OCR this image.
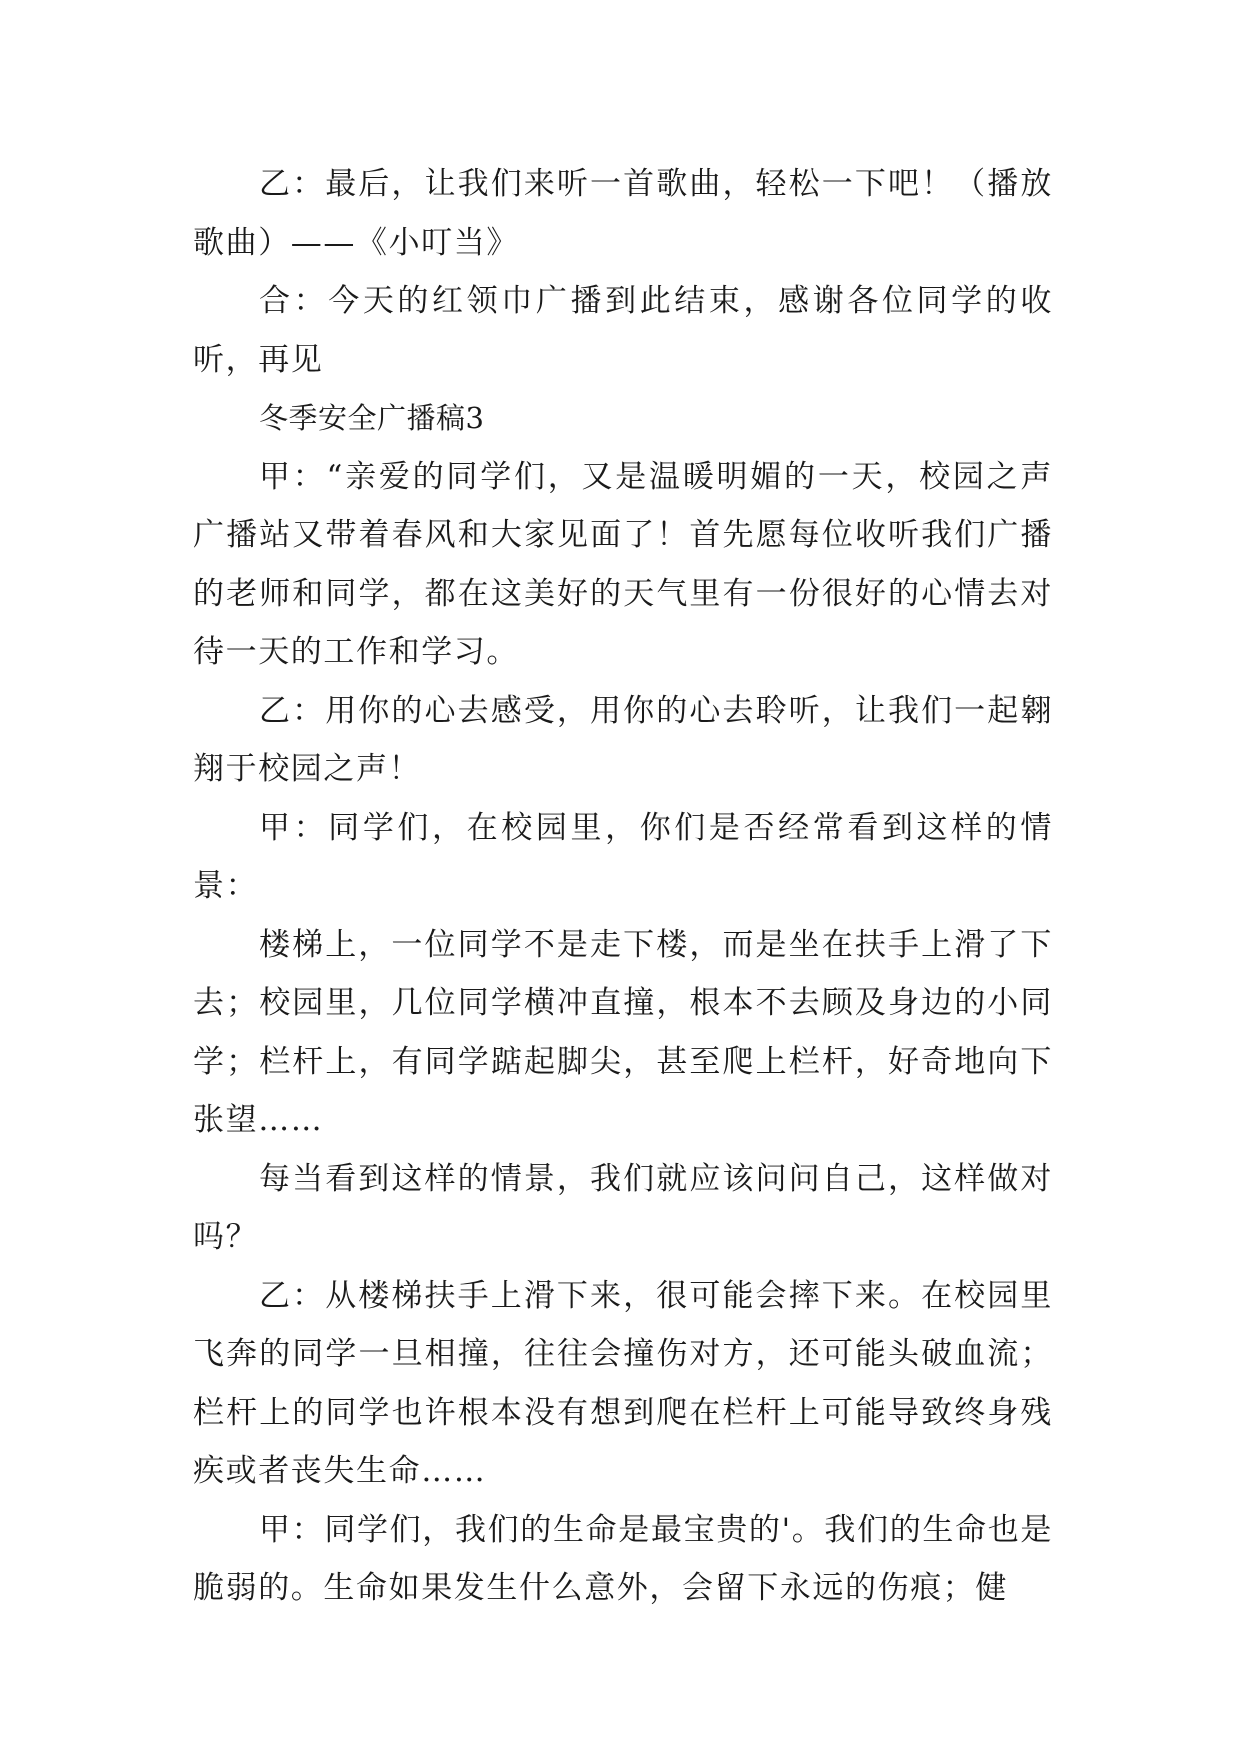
乙：最后，让我们来听一首歌曲，轻松一下吧！（播放歌曲）——《小叮当》

合：今天的红领巾广播到此结束，感谢各位同学的收听，再见

冬季安全广播稿3

甲：“亲爱的同学们，又是温暖明媚的一天，校园之声广播站又带着春风和大家见面了！首先愿每位收听我们广播的老师和同学，都在这美好的天气里有一份很好的心情去对待一天的工作和学习。

乙：用你的心去感受，用你的心去聆听，让我们一起翱翔于校园之声！

甲：同学们，在校园里，你们是否经常看到这样的情景：

楼梯上，一位同学不是走下楼，而是坐在扶手上滑了下去；校园里，几位同学横冲直撞，根本不去顾及身边的小同学；栏杆上，有同学踮起脚尖，甚至爬上栏杆，好奇地向下张望……

每当看到这样的情景，我们就应该问问自己，这样做对吗？

乙：从楼梯扶手上滑下来，很可能会摔下来。在校园里飞奔的同学一旦相撞，往往会撞伤对方，还可能头破血流；栏杆上的同学也许根本没有想到爬在栏杆上可能导致终身残疾或者丧失生命……

甲：同学们，我们的生命是最宝贵的'。我们的生命也是脆弱的。生命如果发生什么意外，会留下永远的伤痕；健
